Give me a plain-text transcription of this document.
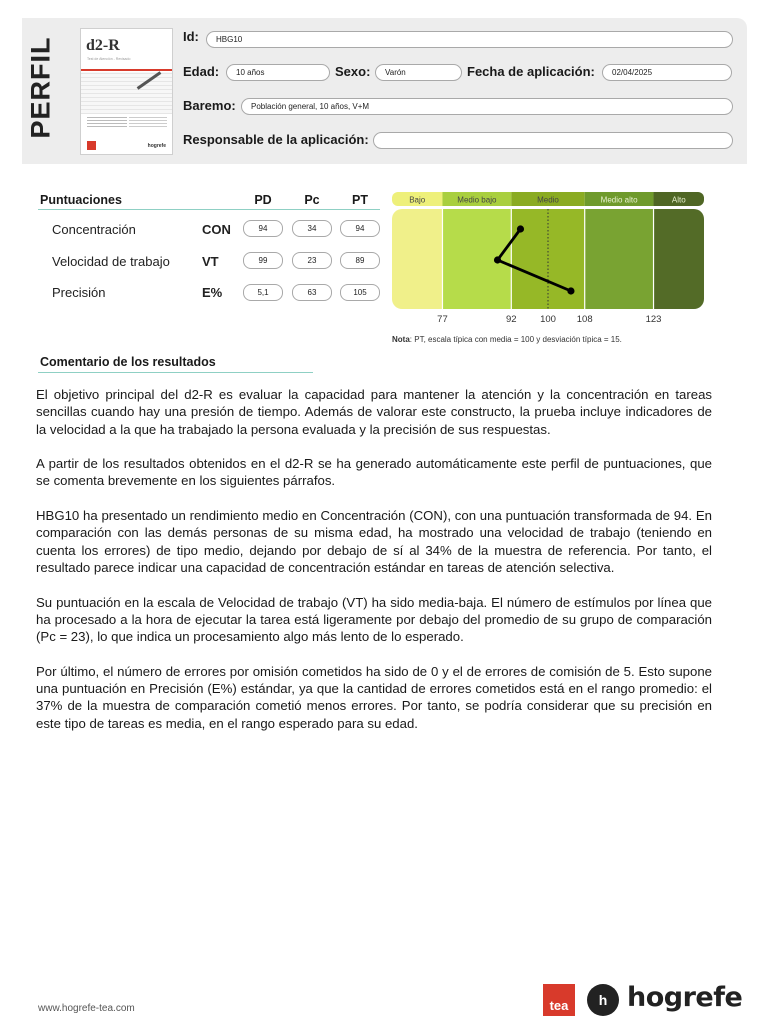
PERFIL d2-R
Test de Atención - Revisado
hogrefe
Id:	HBG10
Edad:	10 años	Sexo:	Varón	Fecha de aplicación:	02/04/2025
Baremo:	Población general, 10 años, V+M
Responsable de la aplicación:
Puntuaciones	PD	Pc	PT
Concentración	CON	94	34	94
Velocidad de trabajo VT	99	23	89
Precisión	E%	5,1	63	105
Bajo	Medio bajo	Medio	Medio alto	Alto
77	92 100 108	123
Nota: PT, escala típica con media = 100 y desviación típica = 15.
Comentario de los resultados

El objetivo principal del d2-R es evaluar la capacidad para mantener la atención y la concentración en tareas sencillas cuando hay una presión de tiempo. Además de valorar este constructo, la prueba incluye indicadores de la velocidad a la que ha trabajado la persona evaluada y la precisión de sus respuestas.

A partir de los resultados obtenidos en el d2-R se ha generado automáticamente este perfil de puntuaciones, que se comenta brevemente en los siguientes párrafos.

HBG10 ha presentado un rendimiento medio en Concentración (CON), con una puntuación transformada de 94. En comparación con las demás personas de su misma edad, ha mostrado una velocidad de trabajo (teniendo en cuenta los errores) de tipo medio, dejando por debajo de sí al 34% de la muestra de referencia. Por tanto, el resultado parece indicar una capacidad de concentración estándar en tareas de atención selectiva.

Su puntuación en la escala de Velocidad de trabajo (VT) ha sido media-baja. El número de estímulos por línea que ha procesado a la hora de ejecutar la tarea está ligeramente por debajo del promedio de su grupo de comparación (Pc = 23), lo que indica un procesamiento algo más lento de lo esperado.

Por último, el número de errores por omisión cometidos ha sido de 0 y el de errores de comisión de 5. Esto supone una puntuación en Precisión (E%) estándar, ya que la cantidad de errores cometidos está en el rango promedio: el 37% de la muestra de comparación cometió menos errores. Por tanto, se podría considerar que su precisión en este tipo de tareas es media, en el rango esperado para su edad.

www.hogrefe-tea.com	tea	h hogrefe
